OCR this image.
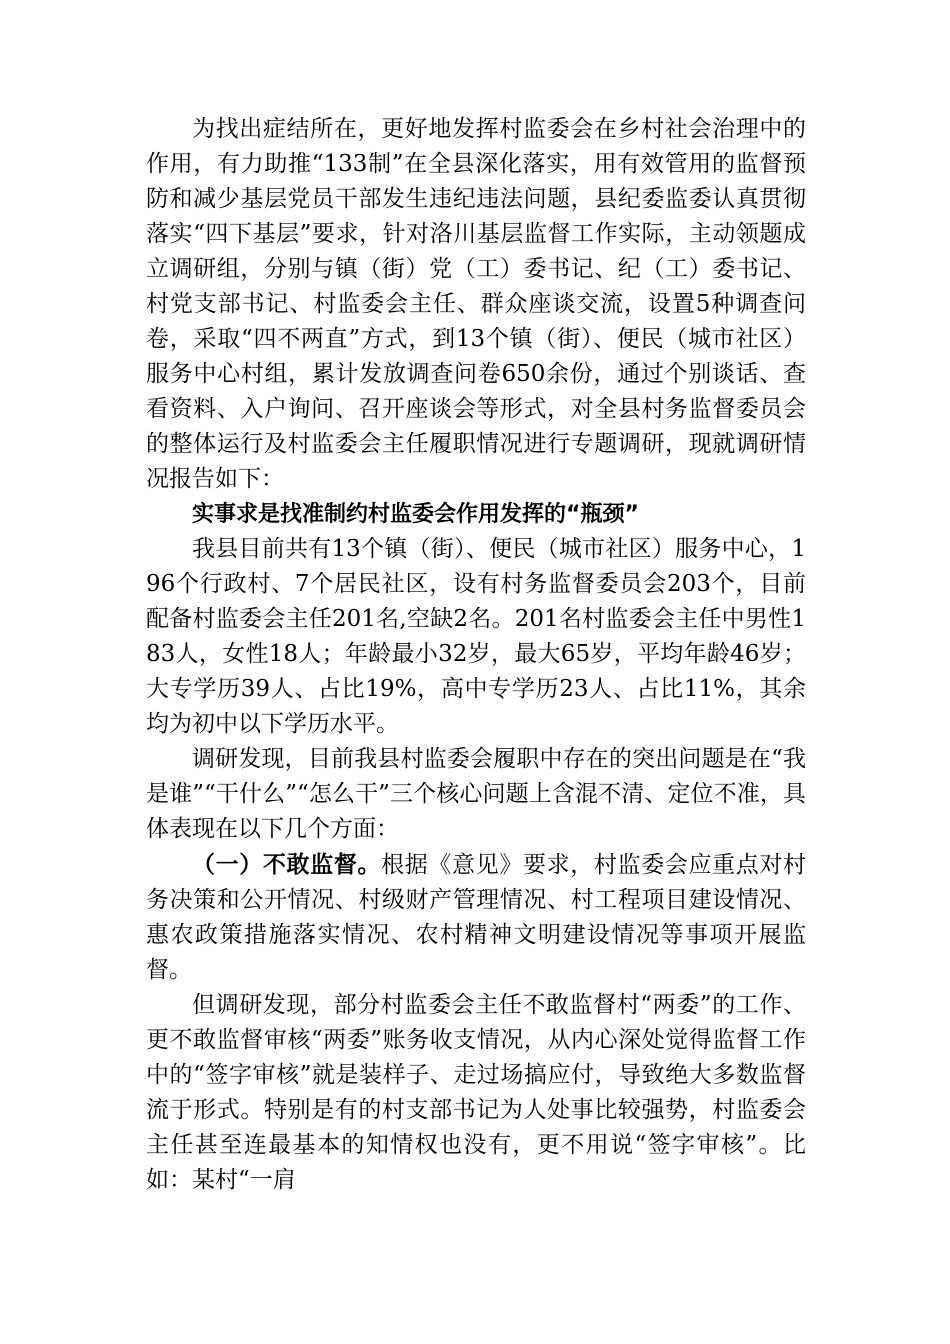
为找出症结所在，更好地发挥村监委会在乡村社会治理中的作用，有力助推“133制”在全县深化落实，用有效管用的监督预防和减少基层党员干部发生违纪违法问题，县纪委监委认真贯彻落实“四下基层”要求，针对洛川基层监督工作实际，主动领题成立调研组，分别与镇（街）党（工）委书记、纪（工）委书记、村党支部书记、村监委会主任、群众座谈交流，设置5种调查问卷，采取“四不两直”方式，到13个镇（街）、便民（城市社区）服务中心村组，累计发放调查问卷650余份，通过个别谈话、查看资料、入户询问、召开座谈会等形式，对全县村务监督委员会的整体运行及村监委会主任履职情况进行专题调研，现就调研情况报告如下：

实事求是找准制约村监委会作用发挥的“瓶颈”

我县目前共有13个镇（街）、便民（城市社区）服务中心，196个行政村、7个居民社区，设有村务监督委员会203个，目前配备村监委会主任201名,空缺2名。201名村监委会主任中男性183人，女性18人；年龄最小32岁，最大65岁，平均年龄46岁；大专学历39人、占比19%，高中专学历23人、占比11%，其余均为初中以下学历水平。

调研发现，目前我县村监委会履职中存在的突出问题是在“我是谁”“干什么”“怎么干”三个核心问题上含混不清、定位不准，具体表现在以下几个方面：

（一）不敢监督。根据《意见》要求，村监委会应重点对村务决策和公开情况、村级财产管理情况、村工程项目建设情况、惠农政策措施落实情况、农村精神文明建设情况等事项开展监督。

但调研发现，部分村监委会主任不敢监督村“两委”的工作、更不敢监督审核“两委”账务收支情况，从内心深处觉得监督工作中的“签字审核”就是装样子、走过场搞应付，导致绝大多数监督流于形式。特别是有的村支部书记为人处事比较强势，村监委会主任甚至连最基本的知情权也没有，更不用说“签字审核”。比如：某村“一肩
